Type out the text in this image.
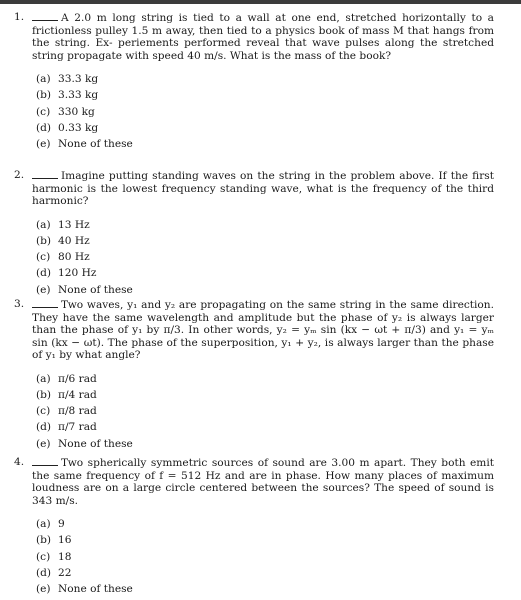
1.	A 2.0 m long string is tied to a wall at one end, stretched horizontally to a frictionless pulley 1.5 m away, then tied to a physics book of mass M that hangs from the string. Ex- periements performed reveal that wave pulses along the stretched string propagate with speed 40 m/s. What is the mass of the book?
(a) 33.3 kg
(b) 3.33 kg
(c) 330 kg
(d) 0.33 kg
(e) None of these
2.	Imagine putting standing waves on the string in the problem above. If the first harmonic is the lowest frequency standing wave, what is the frequency of the third harmonic?
(a) 13 Hz
(b) 40 Hz
(c) 80 Hz
(d) 120 Hz
(e) None of these
3.	Two waves, y₁ and y₂ are propagating on the same string in the same direction. They have the same wavelength and amplitude but the phase of y₂ is always larger than the phase of y₁ by π/3. In other words, y₂ = yₘ sin (kx − ωt + π/3) and y₁ = yₘ sin (kx − ωt). The phase of the superposition, y₁ + y₂, is always larger than the phase of y₁ by what angle?
(a) π/6 rad
(b) π/4 rad
(c) π/8 rad
(d) π/7 rad
(e) None of these
4.	Two spherically symmetric sources of sound are 3.00 m apart. They both emit the same frequency of f = 512 Hz and are in phase. How many places of maximum loudness are on a large circle centered between the sources? The speed of sound is 343 m/s.
(a) 9
(b) 16
(c) 18
(d) 22
(e) None of these
